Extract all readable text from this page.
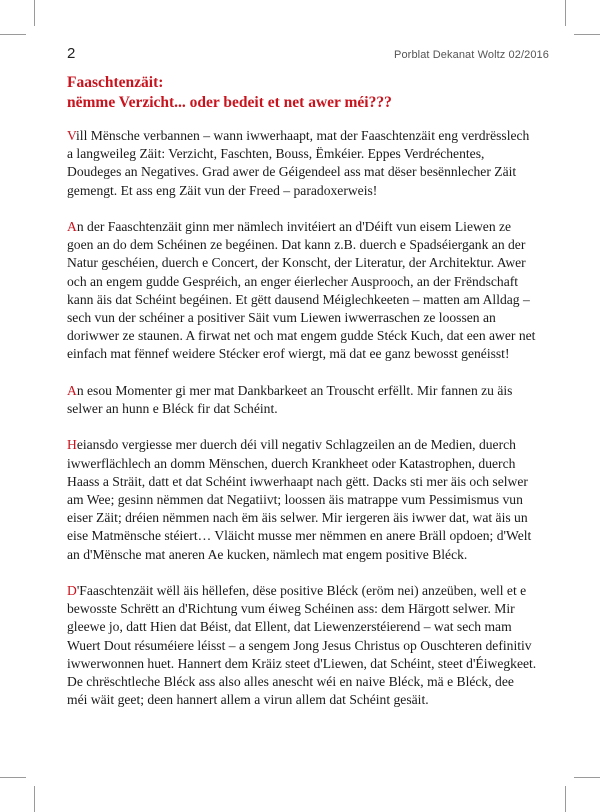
2	Porblat Dekanat Woltz 02/2016
Faaschtenzäit:
nëmme Verzicht... oder bedeit et net awer méi???

Vill Mënsche verbannen – wann iwwerhaapt, mat der Faaschtenzäit eng verdrësslech a langweileg Zäit: Verzicht, Faschten, Bouss, Ëmkéier. Eppes Verdréchentes, Doudeges an Negatives. Grad awer de Géigendeel ass mat dëser besënnlecher Zäit gemengt. Et ass eng Zäit vun der Freed – paradoxerweis!

An der Faaschtenzäit ginn mer nämlech invitéiert an d'Déift vun eisem Liewen ze goen an do dem Schéinen ze begéinen. Dat kann z.B. duerch e Spadséiergank an der Natur geschéien, duerch e Concert, der Konscht, der Literatur, der Architektur. Awer och an engem gudde Gespréich, an enger éierlecher Ausprooch, an der Frëndschaft kann äis dat Schéint begéinen. Et gëtt dausend Méiglechkeeten – matten am Alldag – sech vun der schéiner a positiver Säit vum Liewen iwwerraschen ze loossen an doriwwer ze staunen. A firwat net och mat engem gudde Stéck Kuch, dat een awer net einfach mat fënnef weidere Stécker erof wiergt, mä dat ee ganz bewosst genéisst!

An esou Momenter gi mer mat Dankbarkeet an Trouscht erfëllt. Mir fannen zu äis selwer an hunn e Bléck fir dat Schéint.

Heiansdo vergiesse mer duerch déi vill negativ Schlagzeilen an de Medien, duerch iwwerflächlech an domm Mënschen, duerch Krankheet oder Katastrophen, duerch Haass a Sträit, datt et dat Schéint iwwerhaapt nach gëtt. Dacks sti mer äis och selwer am Wee; gesinn nëmmen dat Negatiivt; loossen äis matrappe vum Pessimismus vun eiser Zäit; dréien nëmmen nach ëm äis selwer. Mir iergeren äis iwwer dat, wat äis un eise Matmënsche stéiert… Vläicht musse mer nëmmen en anere Bräll opdoen; d'Welt an d'Mënsche mat aneren Ae kucken, nämlech mat engem positive Bléck.

D'Faaschtenzäit wëll äis hëllefen, dëse positive Bléck (eröm nei) anzeüben, well et e bewosste Schrëtt an d'Richtung vum éiweg Schéinen ass: dem Härgott selwer. Mir gleewe jo, datt Hien dat Béist, dat Ellent, dat Liewenzerstéierend – wat sech mam Wuert Dout résuméiere léisst – a sengem Jong Jesus Christus op Ouschteren definitiv iwwerwonnen huet. Hannert dem Kräiz steet d'Liewen, dat Schéint, steet d'Éiwegkeet. De chrëschtleche Bléck ass also alles anescht wéi en naive Bléck, mä e Bléck, dee méi wäit geet; deen hannert allem a virun allem dat Schéint gesäit.
